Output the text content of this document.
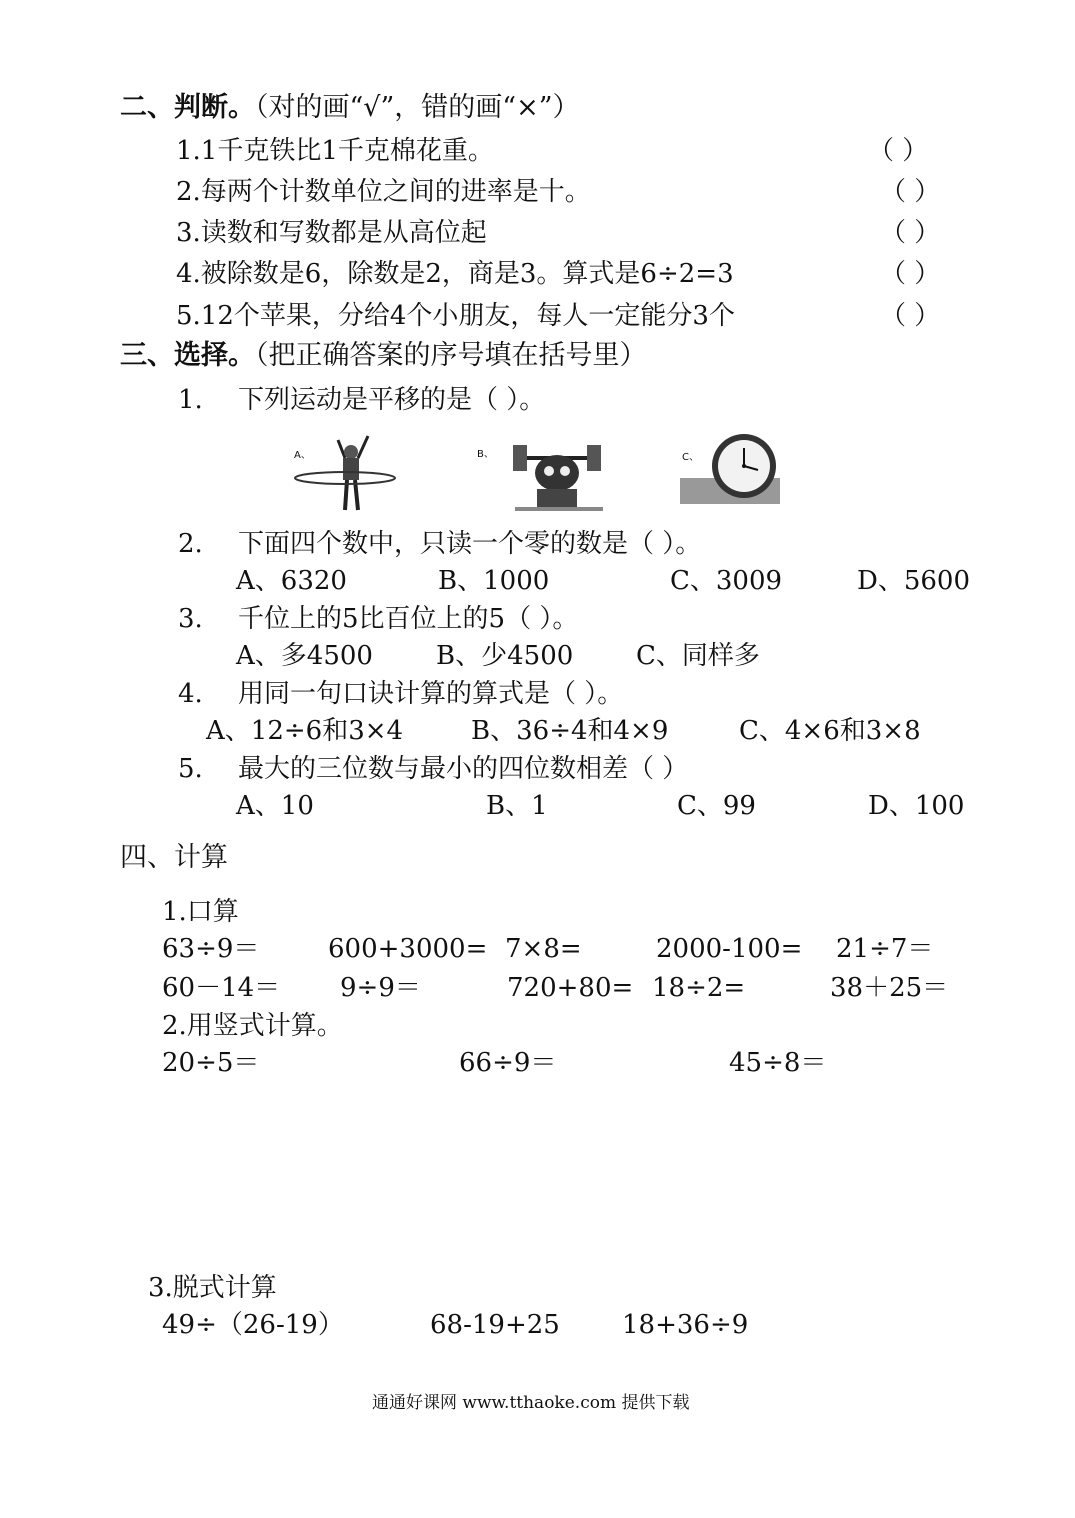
二、判断。（对的画“√”，错的画“×”）
1.1千克铁比1千克棉花重。	（ ）
2.每两个计数单位之间的进率是十。	（ ）
3.读数和写数都是从高位起	（ ）
4.被除数是6，除数是2，商是3。算式是6÷2=3	（ ）
5.12个苹果，分给4个小朋友，每人一定能分3个	（ ）
三、选择。（把正确答案的序号填在括号里）
1. 下列运动是平移的是（ ）。
A、	B、	C、
2. 下面四个数中，只读一个零的数是（ ）。
A、6320	B、1000	C、3009	D、5600
3. 千位上的5比百位上的5（ ）。
A、多4500 B、少4500 C、同样多
4. 用同一句口诀计算的算式是（ ）。
A、12÷6和3×4	B、36÷4和4×9	C、4×6和3×8
5. 最大的三位数与最小的四位数相差（ ）
A、10	B、1	C、99	D、100
四、计算
1.口算
63÷9＝	600+3000= 7×8=	2000-100= 21÷7＝
60－14＝ 9÷9＝	720+80= 18÷2=	38＋25＝
2.用竖式计算。
20÷5＝	66÷9＝	45÷8＝
3.脱式计算
49÷（26-19）	68-19+25 18+36÷9
通通好课网 www.tthaoke.com 提供下载
